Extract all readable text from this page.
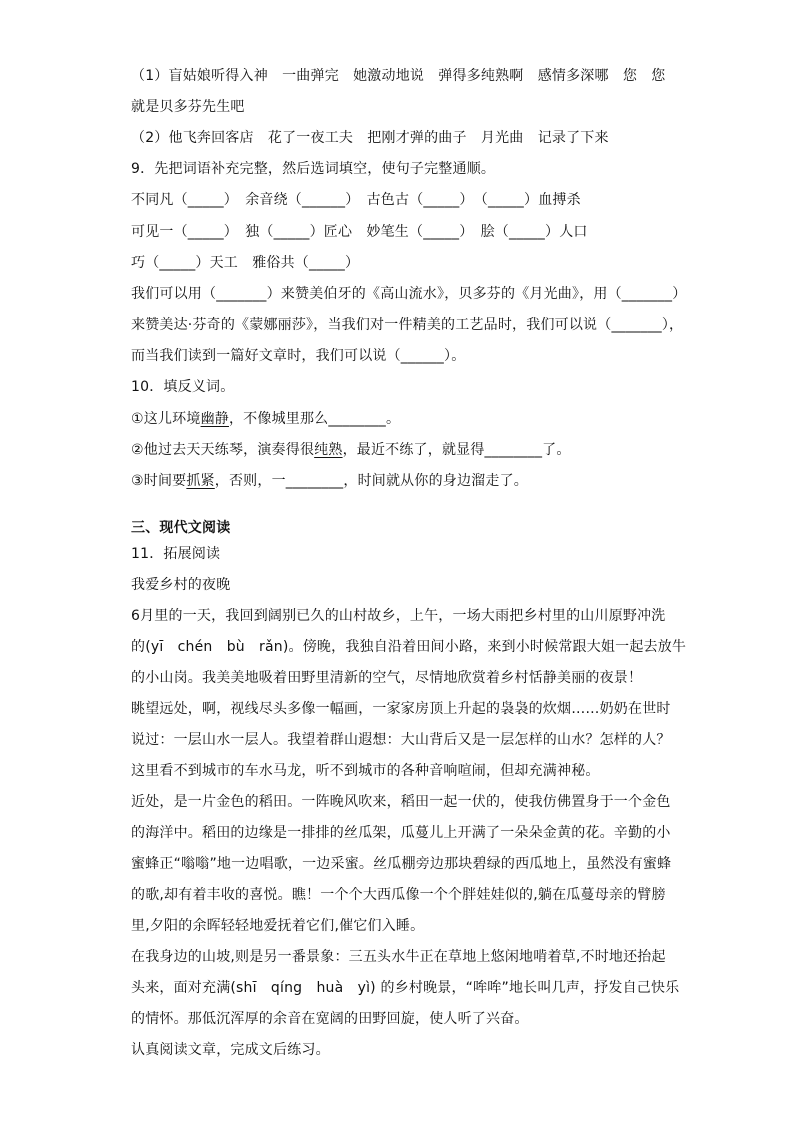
（1）盲姑娘听得入神　一曲弹完　她激动地说　弹得多纯熟啊　感情多深哪　您　您
就是贝多芬先生吧
（2）他飞奔回客店　花了一夜工夫　把刚才弹的曲子　月光曲　记录了下来
9．先把词语补充完整，然后选词填空，使句子完整通顺。
不同凡（_____）　余音绕（______）　古色古（_____）　（_____）血搏杀
可见一（_____）　独（_____）匠心　妙笔生（_____）　脍（_____）人口
巧（_____）天工　雅俗共（_____）
我们可以用（_______）来赞美伯牙的《高山流水》，贝多芬的《月光曲》，用（_______）
来赞美达·芬奇的《蒙娜丽莎》，当我们对一件精美的工艺品时，我们可以说（_______），
而当我们读到一篇好文章时，我们可以说（______）。
10．填反义词。
①这儿环境幽静，不像城里那么________。
②他过去天天练琴，演奏得很纯熟，最近不练了，就显得________了。
③时间要抓紧，否则，一________，时间就从你的身边溜走了。
三、现代文阅读
11．拓展阅读
我爱乡村的夜晚
6月里的一天，我回到阔别已久的山村故乡，上午，一场大雨把乡村里的山川原野冲洗
的(yī　chén　bù　rǎn)。傍晚，我独自沿着田间小路，来到小时候常跟大姐一起去放牛
的小山岗。我美美地吸着田野里清新的空气，尽情地欣赏着乡村恬静美丽的夜景！
眺望远处，啊，视线尽头多像一幅画，一家家房顶上升起的袅袅的炊烟……奶奶在世时
说过：一层山水一层人。我望着群山遐想：大山背后又是一层怎样的山水？怎样的人？
这里看不到城市的车水马龙，听不到城市的各种音响喧闹，但却充满神秘。
近处，是一片金色的稻田。一阵晚风吹来，稻田一起一伏的，使我仿佛置身于一个金色
的海洋中。稻田的边缘是一排排的丝瓜架，瓜蔓儿上开满了一朵朵金黄的花。辛勤的小
蜜蜂正“嗡嗡”地一边唱歌，一边采蜜。丝瓜棚旁边那块碧绿的西瓜地上，虽然没有蜜蜂
的歌,却有着丰收的喜悦。瞧！一个个大西瓜像一个个胖娃娃似的,躺在瓜蔓母亲的臂膀
里,夕阳的余晖轻轻地爱抚着它们,催它们入睡。
在我身边的山坡,则是另一番景象：三五头水牛正在草地上悠闲地啃着草,不时地还抬起
头来，面对充满(shī　qíng　huà　yì) 的乡村晚景，“哞哞”地长叫几声，抒发自己快乐
的情怀。那低沉浑厚的余音在宽阔的田野回旋，使人听了兴奋。
认真阅读文章，完成文后练习。
